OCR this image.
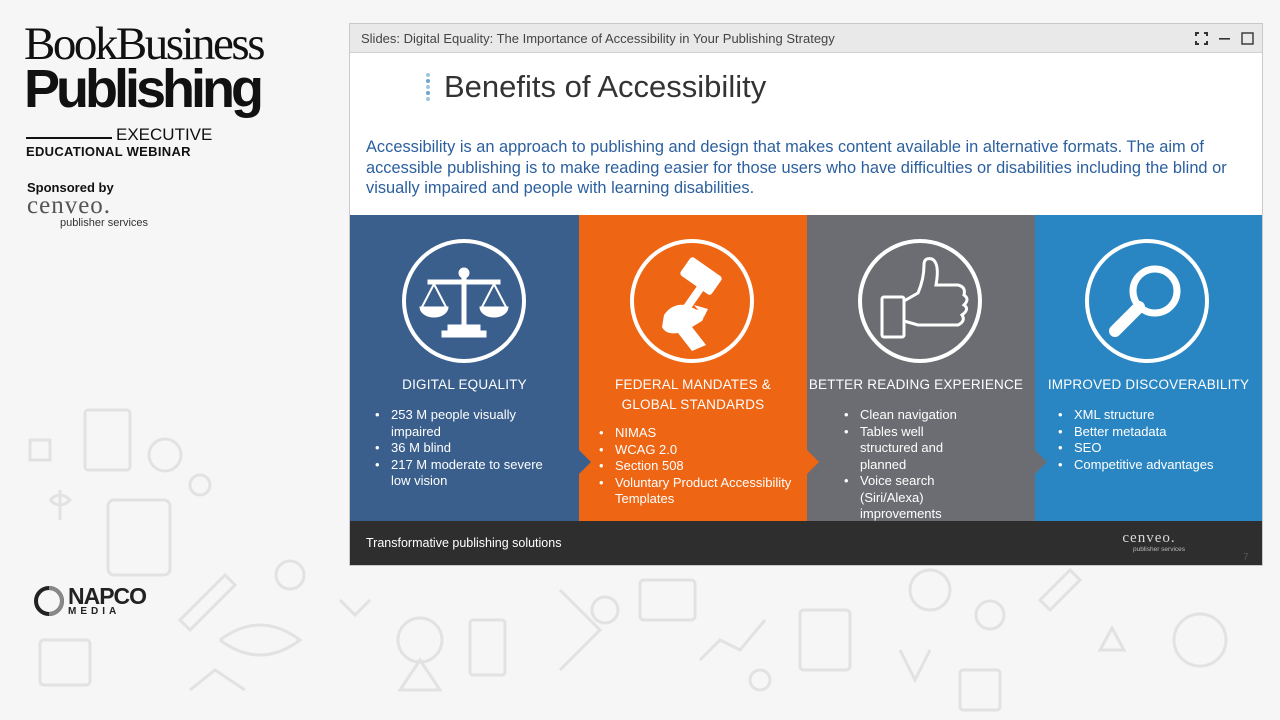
BookBusiness
Publishing
EXECUTIVE
EDUCATIONAL WEBINAR
Sponsored by
cenveo.
publisher services
NAPCO
MEDIA
Slides: Digital Equality: The Importance of Accessibility in Your Publishing Strategy
Benefits of Accessibility
Accessibility is an approach to publishing and design that makes content available in alternative formats. The aim of accessible publishing is to make reading easier for those users who have difficulties or disabilities including the blind or visually impaired and people with learning disabilities.
DIGITAL EQUALITY
• 253 M people visually impaired
• 36 M blind
• 217 M moderate to severe low vision
FEDERAL MANDATES & GLOBAL STANDARDS
• NIMAS
• WCAG 2.0
• Section 508
• Voluntary Product Accessibility Templates
BETTER READING EXPERIENCE
• Clean navigation
• Tables well structured and planned
• Voice search (Siri/Alexa) improvements
IMPROVED DISCOVERABILITY
• XML structure
• Better metadata
• SEO
• Competitive advantages
Transformative publishing solutions	cenveo.
publisher services
7
